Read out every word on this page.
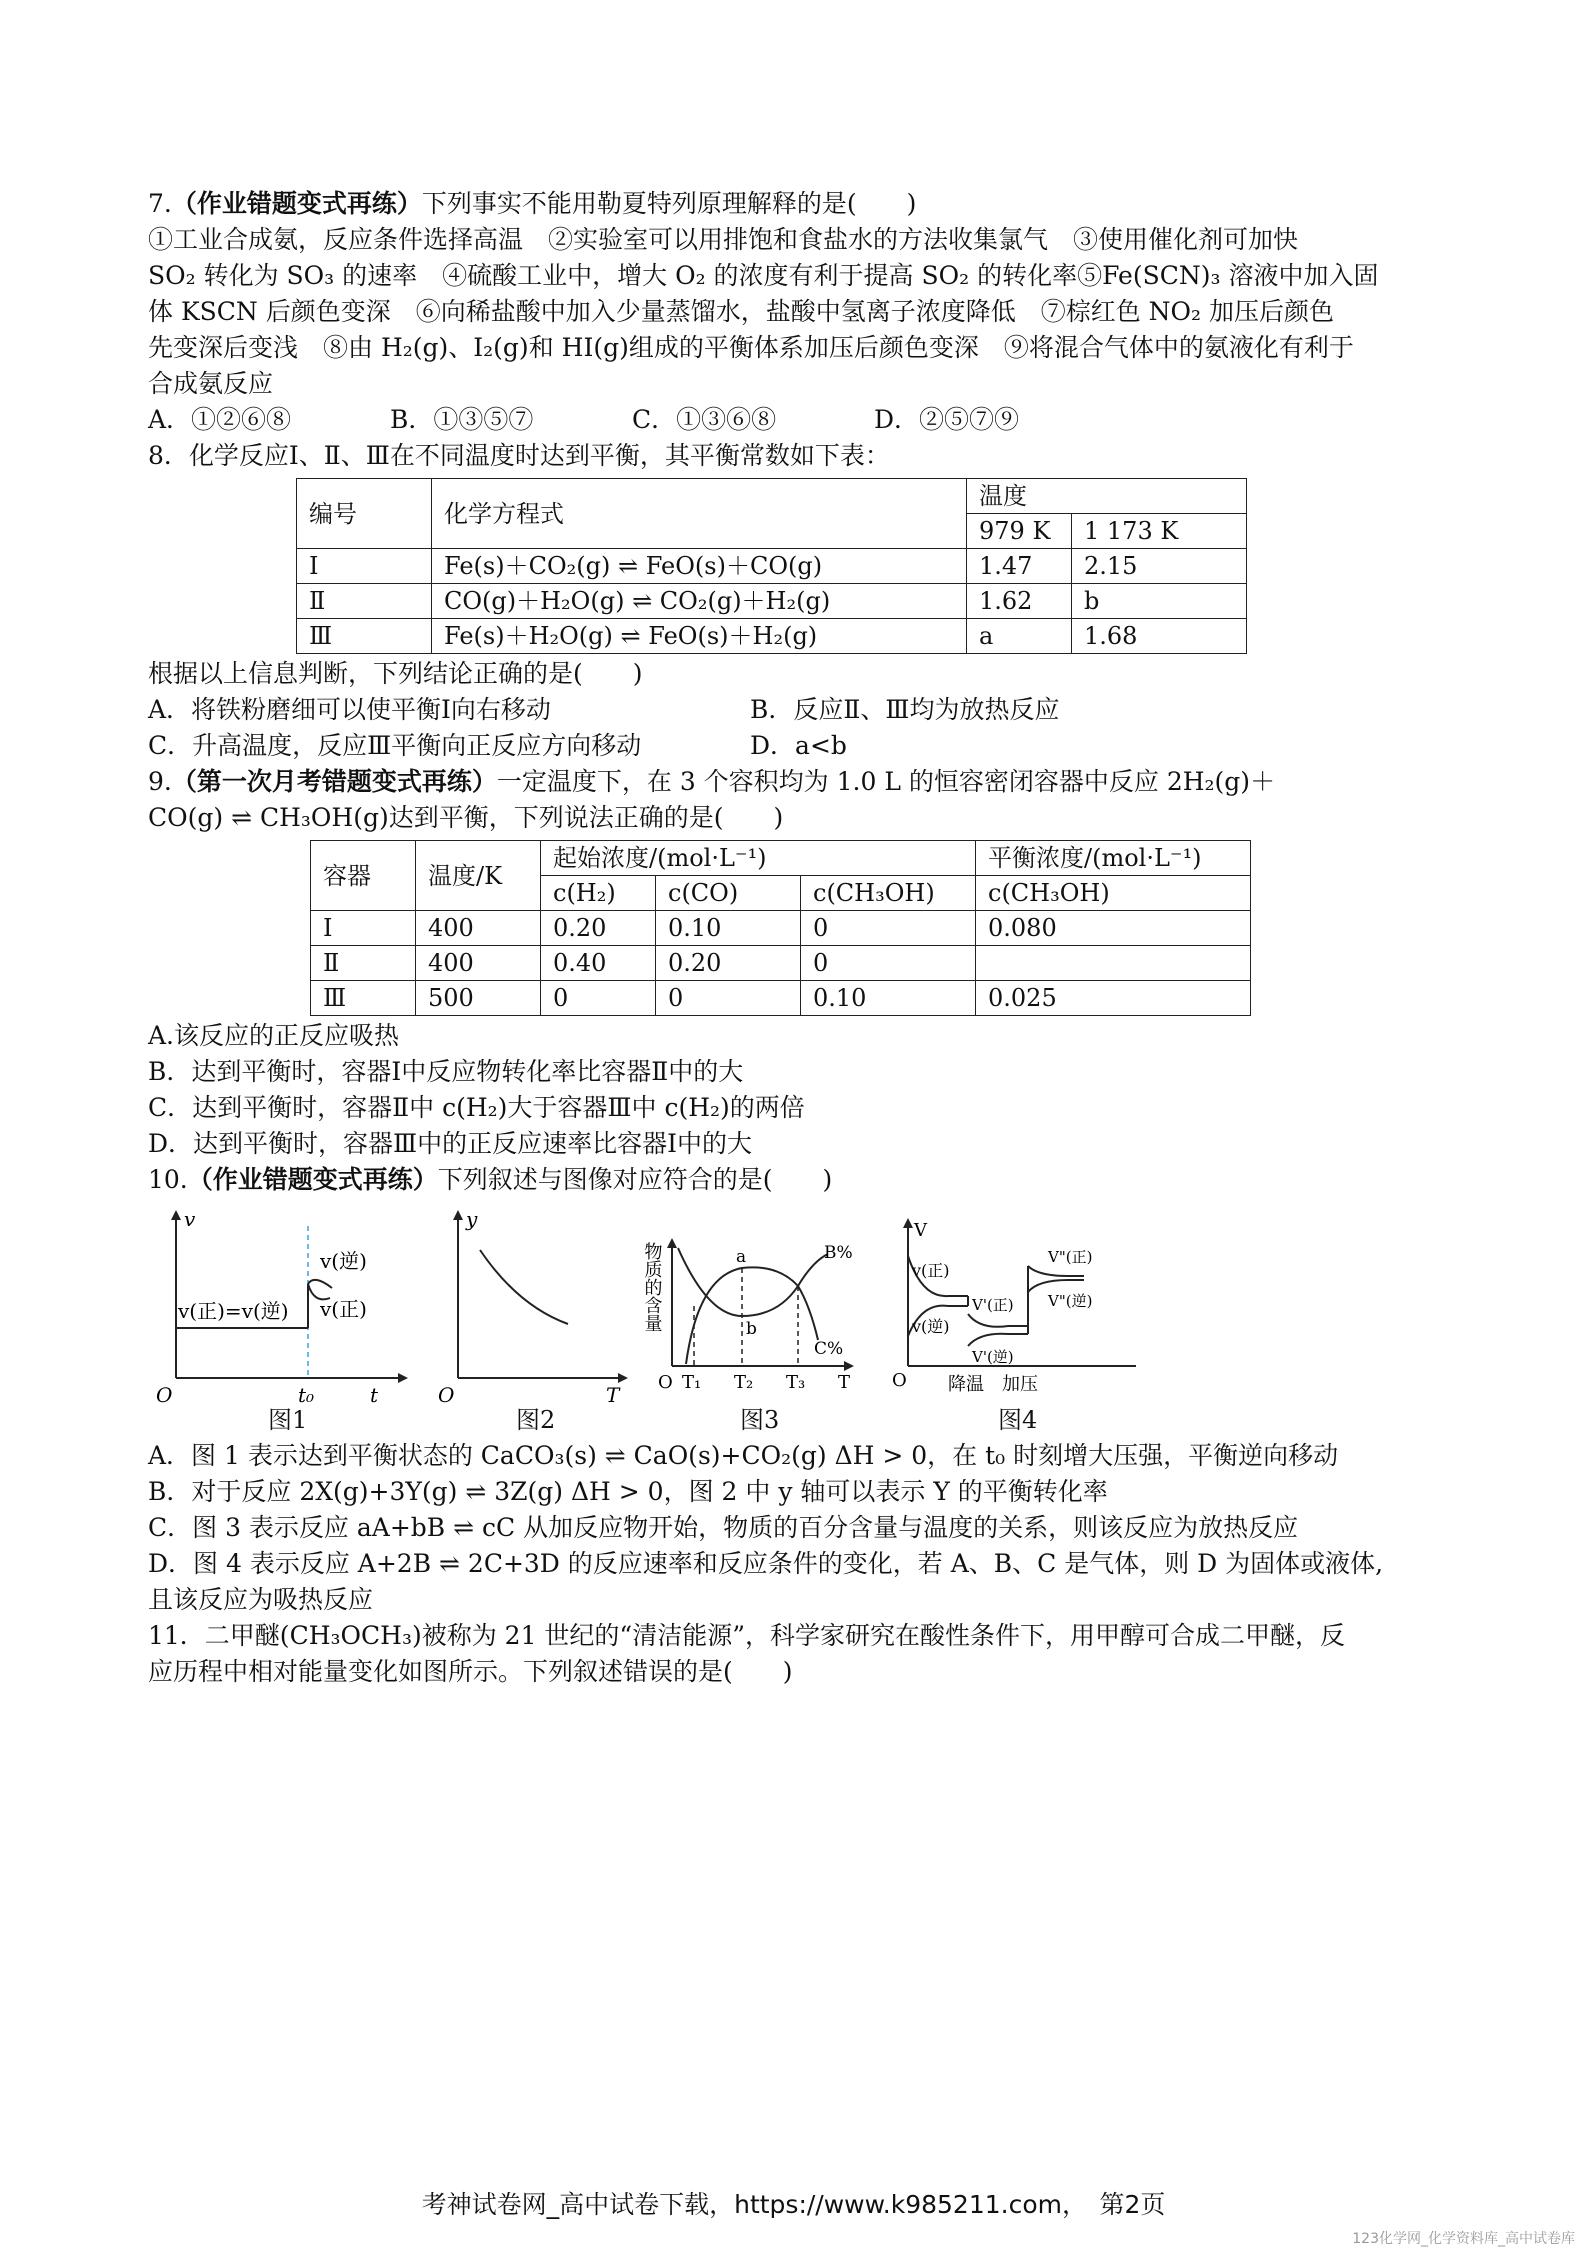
7.（作业错题变式再练）下列事实不能用勒夏特列原理解释的是(　　)
①工业合成氨，反应条件选择高温　②实验室可以用排饱和食盐水的方法收集氯气　③使用催化剂可加快
SO₂ 转化为 SO₃ 的速率　④硫酸工业中，增大 O₂ 的浓度有利于提高 SO₂ 的转化率⑤Fe(SCN)₃ 溶液中加入固
体 KSCN 后颜色变深　⑥向稀盐酸中加入少量蒸馏水，盐酸中氢离子浓度降低　⑦棕红色 NO₂ 加压后颜色
先变深后变浅　⑧由 H₂(g)、I₂(g)和 HI(g)组成的平衡体系加压后颜色变深　⑨将混合气体中的氨液化有利于
合成氨反应
A．①②⑥⑧	B．①③⑤⑦	C．①③⑥⑧	D．②⑤⑦⑨
8．化学反应Ⅰ、Ⅱ、Ⅲ在不同温度时达到平衡，其平衡常数如下表：
编号	化学方程式	温度	
		979 K	1 173 K
Ⅰ	Fe(s)＋CO₂(g) ⇌ FeO(s)＋CO(g)	1.47	2.15
Ⅱ	CO(g)＋H₂O(g) ⇌ CO₂(g)＋H₂(g)	1.62	b
Ⅲ	Fe(s)＋H₂O(g) ⇌ FeO(s)＋H₂(g)	a	1.68
根据以上信息判断，下列结论正确的是(　　)
A．将铁粉磨细可以使平衡Ⅰ向右移动	B．反应Ⅱ、Ⅲ均为放热反应
C．升高温度，反应Ⅲ平衡向正反应方向移动	D．a<b
9.（第一次月考错题变式再练）一定温度下，在 3 个容积均为 1.0 L 的恒容密闭容器中反应 2H₂(g)＋
CO(g) ⇌ CH₃OH(g)达到平衡，下列说法正确的是(　　)
容器	温度/K	起始浓度/(mol·L⁻¹)			平衡浓度/(mol·L⁻¹)
		c(H₂)	c(CO)	c(CH₃OH)	c(CH₃OH)
Ⅰ	400	0.20	0.10	0	0.080
Ⅱ	400	0.40	0.20	0	
Ⅲ	500	0	0	0.10	0.025
A.该反应的正反应吸热
B．达到平衡时，容器Ⅰ中反应物转化率比容器Ⅱ中的大
C．达到平衡时，容器Ⅱ中 c(H₂)大于容器Ⅲ中 c(H₂)的两倍
D．达到平衡时，容器Ⅲ中的正反应速率比容器Ⅰ中的大
10.（作业错题变式再练）下列叙述与图像对应符合的是(　　)
v
O	t
t₀
v(正)=v(逆)
v(逆)
v(正)
图1
y
O	T
图2
物质的含量
O	T
T₁ T₂ T₃
a
b
B%
C%
图3
V
O
v(正)
v(逆)
V'(正)
V'(逆)
V"(正)
V"(逆)
降温 加压
图4
A．图 1 表示达到平衡状态的 CaCO₃(s) ⇌ CaO(s)+CO₂(g) ΔH > 0，在 t₀ 时刻增大压强，平衡逆向移动
B．对于反应 2X(g)+3Y(g) ⇌ 3Z(g) ΔH > 0，图 2 中 y 轴可以表示 Y 的平衡转化率
C．图 3 表示反应 aA+bB ⇌ cC 从加反应物开始，物质的百分含量与温度的关系，则该反应为放热反应
D．图 4 表示反应 A+2B ⇌ 2C+3D 的反应速率和反应条件的变化，若 A、B、C 是气体，则 D 为固体或液体,
且该反应为吸热反应
11．二甲醚(CH₃OCH₃)被称为 21 世纪的“清洁能源”，科学家研究在酸性条件下，用甲醇可合成二甲醚，反
应历程中相对能量变化如图所示。下列叙述错误的是(　　)
考神试卷网_高中试卷下载，https://www.k985211.com，　第2页
123化学网_化学资料库_高中试卷库
